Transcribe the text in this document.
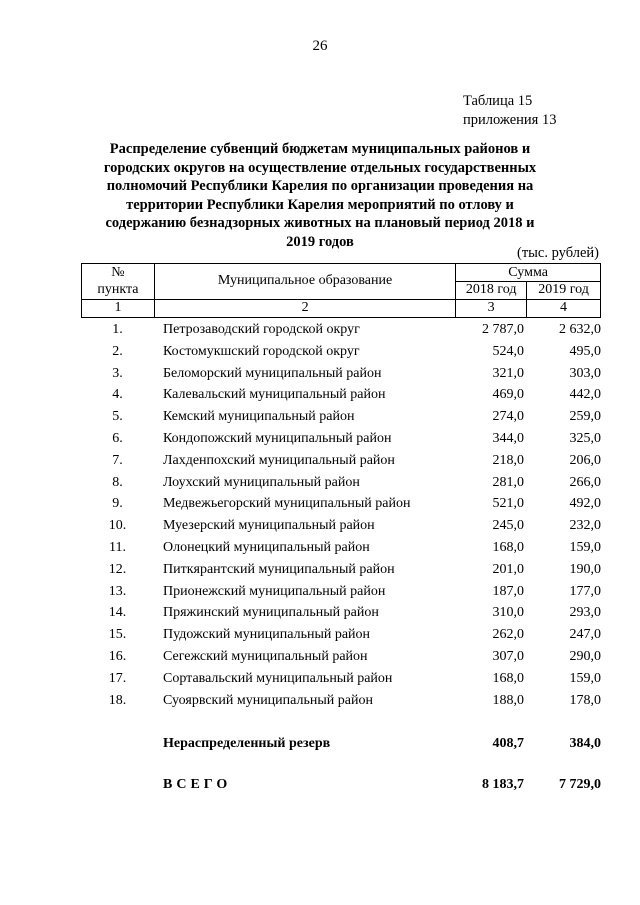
26
Таблица 15
приложения 13
Распределение субвенций бюджетам муниципальных районов и городских округов на осуществление отдельных государственных полномочий Республики Карелия по организации проведения на территории Республики Карелия мероприятий по отлову и содержанию безнадзорных животных на плановый период 2018 и 2019 годов
(тыс. рублей)
№	Муниципальное образование	Сумма	
пункта		2018 год	2019 год
1	2	3	4
1.	Петрозаводский городской округ	2 787,0	2 632,0
2.	Костомукшский городской округ	524,0	495,0
3.	Беломорский муниципальный район	321,0	303,0
4.	Калевальский муниципальный район	469,0	442,0
5.	Кемский муниципальный район	274,0	259,0
6.	Кондопожский муниципальный район	344,0	325,0
7.	Лахденпохский муниципальный район	218,0	206,0
8.	Лоухский муниципальный район	281,0	266,0
9.	Медвежьегорский муниципальный район	521,0	492,0
10.	Муезерский муниципальный район	245,0	232,0
11.	Олонецкий муниципальный район	168,0	159,0
12.	Питкярантский муниципальный район	201,0	190,0
13.	Прионежский муниципальный район	187,0	177,0
14.	Пряжинский муниципальный район	310,0	293,0
15.	Пудожский муниципальный район	262,0	247,0
16.	Сегежский муниципальный район	307,0	290,0
17.	Сортавальский муниципальный район	168,0	159,0
18.	Суоярвский муниципальный район	188,0	178,0
Нераспределенный резерв	408,7	384,0
ВСЕГО	8 183,7	7 729,0
